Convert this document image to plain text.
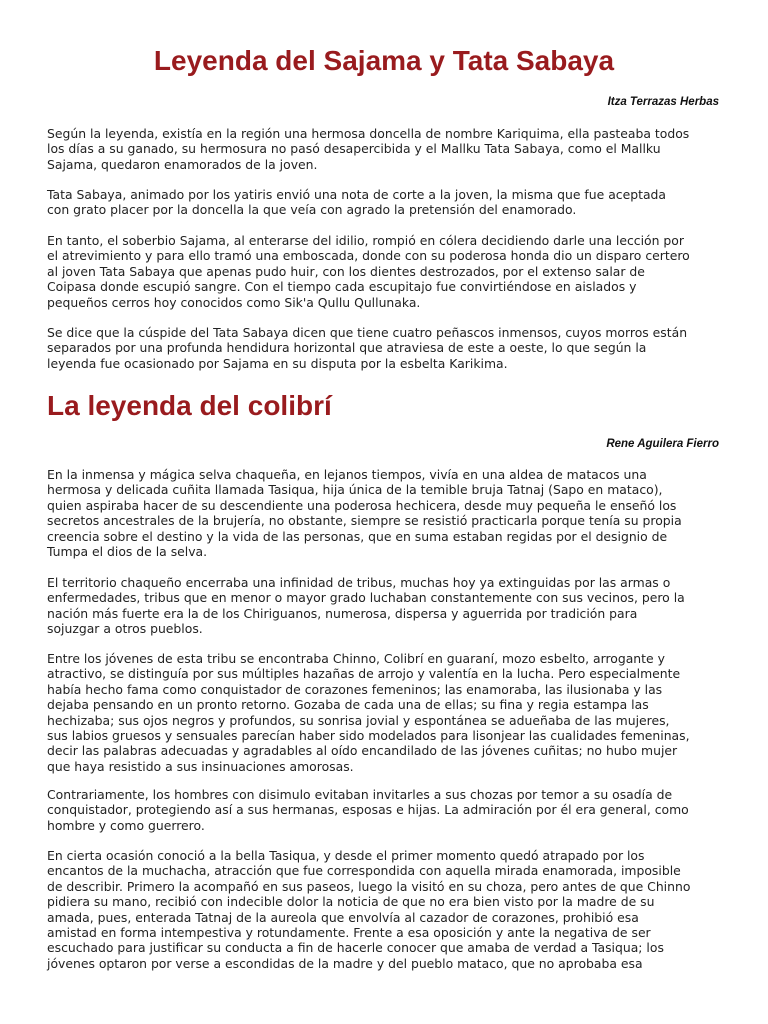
Leyenda del Sajama y Tata Sabaya

Itza Terrazas Herbas

Según la leyenda, existía en la región una hermosa doncella de nombre Kariquima, ella pasteaba todos
los días a su ganado, su hermosura no pasó desapercibida y el Mallku Tata Sabaya, como el Mallku
Sajama, quedaron enamorados de la joven.

Tata Sabaya, animado por los yatiris envió una nota de corte a la joven, la misma que fue aceptada
con grato placer por la doncella la que veía con agrado la pretensión del enamorado.

En tanto, el soberbio Sajama, al enterarse del idilio, rompió en cólera decidiendo darle una lección por
el atrevimiento y para ello tramó una emboscada, donde con su poderosa honda dio un disparo certero
al joven Tata Sabaya que apenas pudo huir, con los dientes destrozados, por el extenso salar de
Coipasa donde escupió sangre. Con el tiempo cada escupitajo fue convirtiéndose en aislados y
pequeños cerros hoy conocidos como Sik'a Qullu Qullunaka.

Se dice que la cúspide del Tata Sabaya dicen que tiene cuatro peñascos inmensos, cuyos morros están
separados por una profunda hendidura horizontal que atraviesa de este a oeste, lo que según la
leyenda fue ocasionado por Sajama en su disputa por la esbelta Karikima.

La leyenda del colibrí

Rene Aguilera Fierro

En la inmensa y mágica selva chaqueña, en lejanos tiempos, vivía en una aldea de matacos una
hermosa y delicada cuñita llamada Tasiqua, hija única de la temible bruja Tatnaj (Sapo en mataco),
quien aspiraba hacer de su descendiente una poderosa hechicera, desde muy pequeña le enseñó los
secretos ancestrales de la brujería, no obstante, siempre se resistió practicarla porque tenía su propia
creencia sobre el destino y la vida de las personas, que en suma estaban regidas por el designio de
Tumpa el dios de la selva.

El territorio chaqueño encerraba una infinidad de tribus, muchas hoy ya extinguidas por las armas o
enfermedades, tribus que en menor o mayor grado luchaban constantemente con sus vecinos, pero la
nación más fuerte era la de los Chiriguanos, numerosa, dispersa y aguerrida por tradición para
sojuzgar a otros pueblos.

Entre los jóvenes de esta tribu se encontraba Chinno, Colibrí en guaraní, mozo esbelto, arrogante y
atractivo, se distinguía por sus múltiples hazañas de arrojo y valentía en la lucha. Pero especialmente
había hecho fama como conquistador de corazones femeninos; las enamoraba, las ilusionaba y las
dejaba pensando en un pronto retorno. Gozaba de cada una de ellas; su fina y regia estampa las
hechizaba; sus ojos negros y profundos, su sonrisa jovial y espontánea se adueñaba de las mujeres,
sus labios gruesos y sensuales parecían haber sido modelados para lisonjear las cualidades femeninas,
decir las palabras adecuadas y agradables al oído encandilado de las jóvenes cuñitas; no hubo mujer
que haya resistido a sus insinuaciones amorosas.

Contrariamente, los hombres con disimulo evitaban invitarles a sus chozas por temor a su osadía de
conquistador, protegiendo así a sus hermanas, esposas e hijas. La admiración por él era general, como
hombre y como guerrero.

En cierta ocasión conoció a la bella Tasiqua, y desde el primer momento quedó atrapado por los
encantos de la muchacha, atracción que fue correspondida con aquella mirada enamorada, imposible
de describir. Primero la acompañó en sus paseos, luego la visitó en su choza, pero antes de que Chinno
pidiera su mano, recibió con indecible dolor la noticia de que no era bien visto por la madre de su
amada, pues, enterada Tatnaj de la aureola que envolvía al cazador de corazones, prohibió esa
amistad en forma intempestiva y rotundamente. Frente a esa oposición y ante la negativa de ser
escuchado para justificar su conducta a fin de hacerle conocer que amaba de verdad a Tasiqua; los
jóvenes optaron por verse a escondidas de la madre y del pueblo mataco, que no aprobaba esa
